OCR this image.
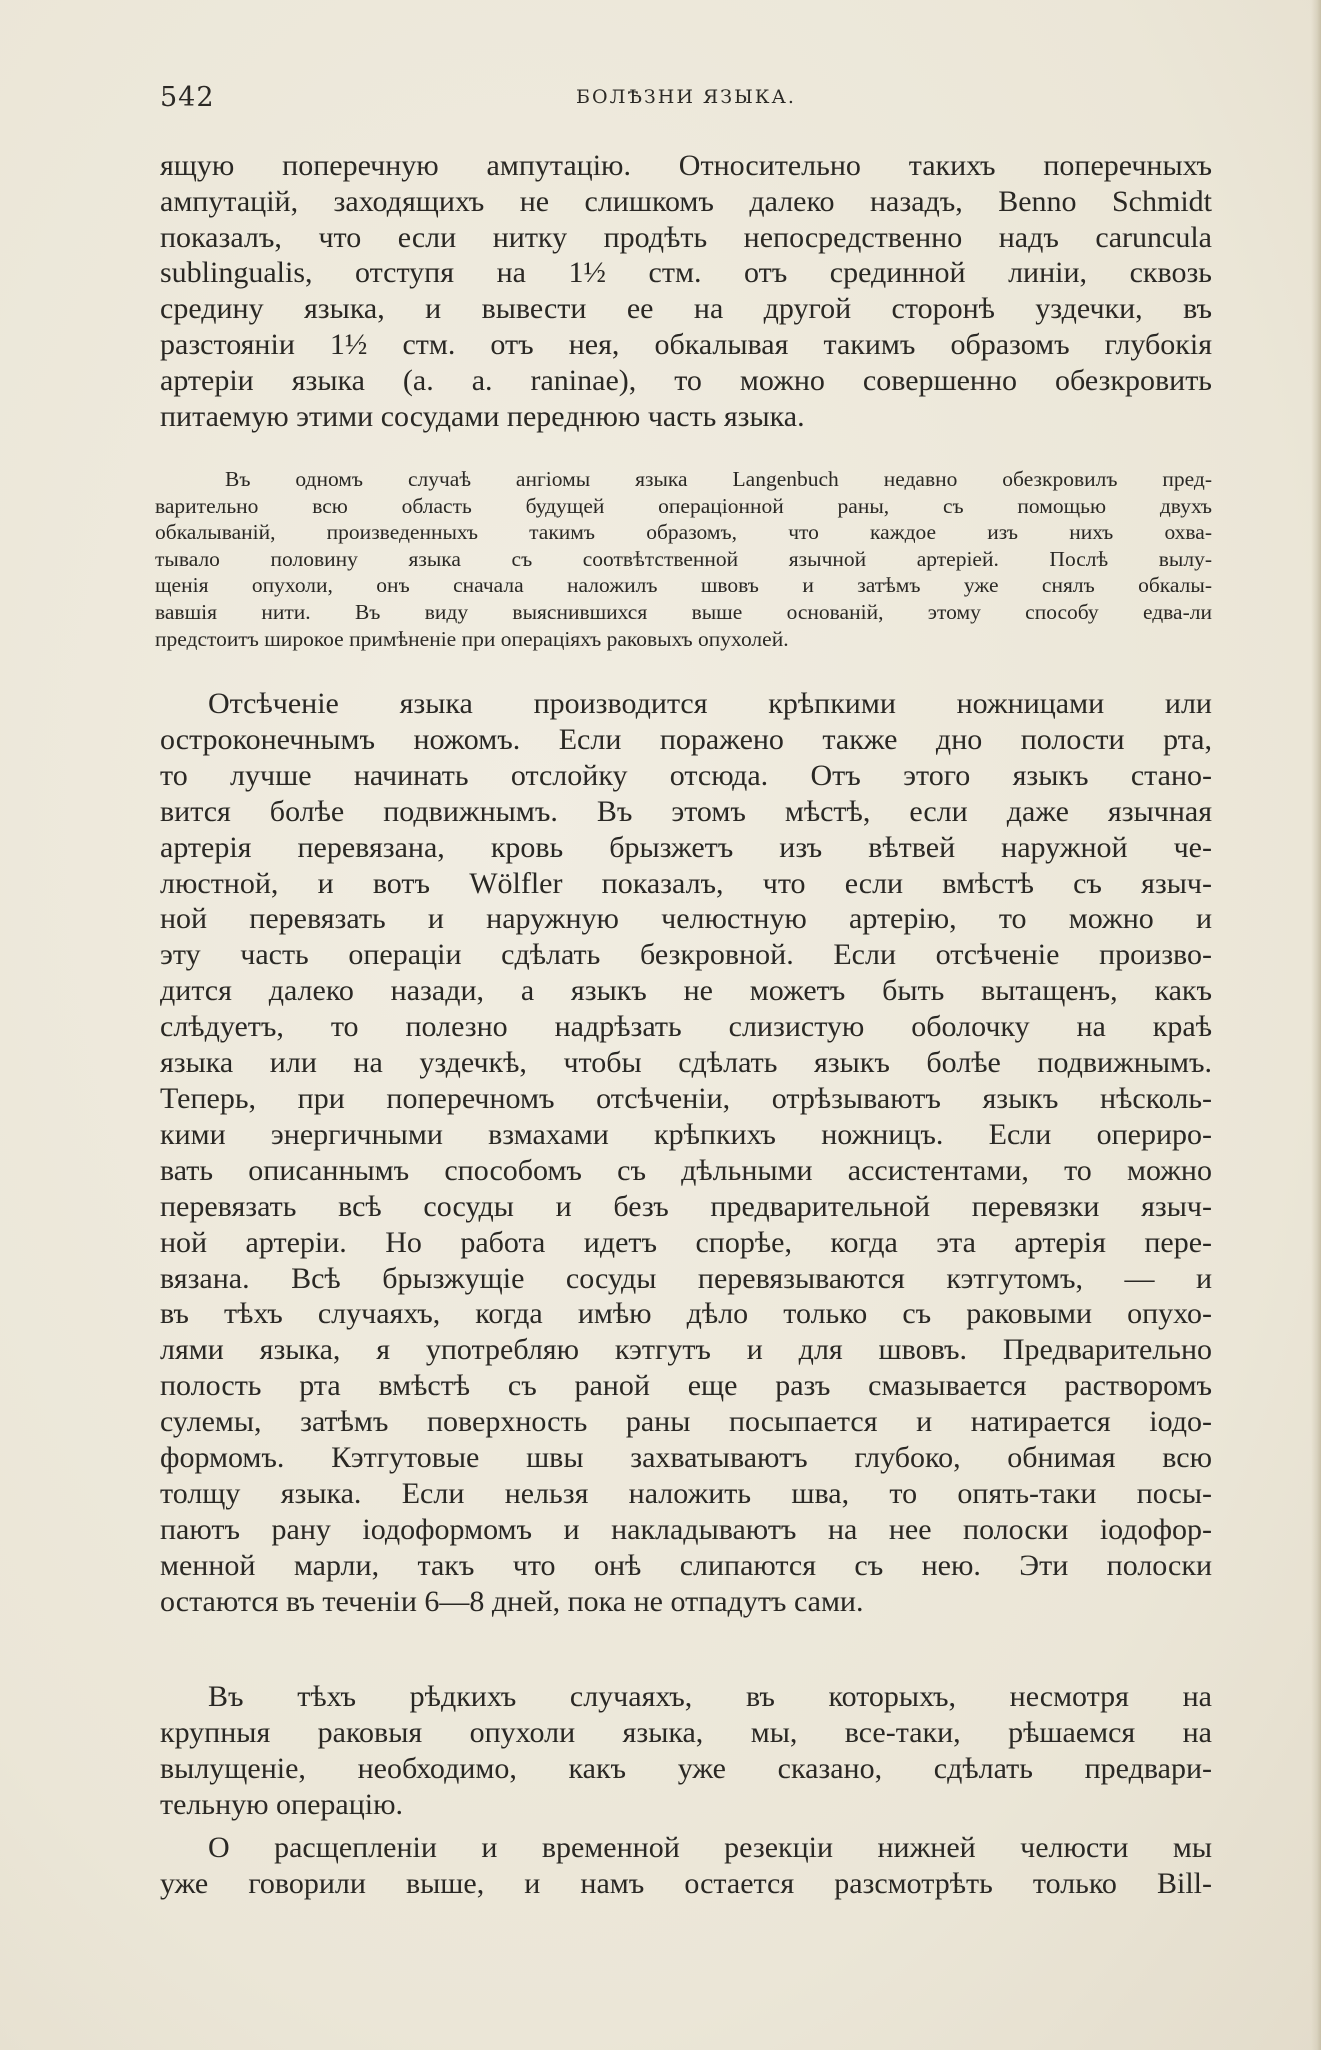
542	БОЛѢЗНИ ЯЗЫКА.
ящую поперечную ампутацію. Относительно такихъ поперечныхъ
ампутацій, заходящихъ не слишкомъ далеко назадъ, Benno Schmidt
показалъ, что если нитку продѣть непосредственно надъ caruncula
sublingualis, отступя на 1½ стм. отъ срединной линіи, сквозь
средину языка, и вывести ее на другой сторонѣ уздечки, въ
разстояніи 1½ стм. отъ нея, обкалывая такимъ образомъ глубокія
артеріи языка (а. а. raninae), то можно совершенно обезкровить
питаемую этими сосудами переднюю часть языка.
Въ одномъ случаѣ ангіомы языка Langenbuch недавно обезкровилъ пред-
варительно всю область будущей операціонной раны, съ помощью двухъ
обкалываній, произведенныхъ такимъ образомъ, что каждое изъ нихъ охва-
тывало половину языка съ соотвѣтственной язычной артеріей. Послѣ вылу-
щенія опухоли, онъ сначала наложилъ швовъ и затѣмъ уже снялъ обкалы-
вавшія нити. Въ виду выяснившихся выше основаній, этому способу едва-ли
предстоитъ широкое примѣненіе при операціяхъ раковыхъ опухолей.
Отсѣченіе языка производится крѣпкими ножницами или
остроконечнымъ ножомъ. Если поражено также дно полости рта,
то лучше начинать отслойку отсюда. Отъ этого языкъ стано-
вится болѣе подвижнымъ. Въ этомъ мѣстѣ, если даже язычная
артерія перевязана, кровь брызжетъ изъ вѣтвей наружной че-
люстной, и вотъ Wölfler показалъ, что если вмѣстѣ съ языч-
ной перевязать и наружную челюстную артерію, то можно и
эту часть операціи сдѣлать безкровной. Если отсѣченіе произво-
дится далеко назади, а языкъ не можетъ быть вытащенъ, какъ
слѣдуетъ, то полезно надрѣзать слизистую оболочку на краѣ
языка или на уздечкѣ, чтобы сдѣлать языкъ болѣе подвижнымъ.
Теперь, при поперечномъ отсѣченіи, отрѣзываютъ языкъ нѣсколь-
кими энергичными взмахами крѣпкихъ ножницъ. Если опериро-
вать описаннымъ способомъ съ дѣльными ассистентами, то можно
перевязать всѣ сосуды и безъ предварительной перевязки языч-
ной артеріи. Но работа идетъ спорѣе, когда эта артерія пере-
вязана. Всѣ брызжущіе сосуды перевязываются кэтгутомъ, — и
въ тѣхъ случаяхъ, когда имѣю дѣло только съ раковыми опухо-
лями языка, я употребляю кэтгутъ и для швовъ. Предварительно
полость рта вмѣстѣ съ раной еще разъ смазывается растворомъ
сулемы, затѣмъ поверхность раны посыпается и натирается іодо-
формомъ. Кэтгутовые швы захватываютъ глубоко, обнимая всю
толщу языка. Если нельзя наложить шва, то опять-таки посы-
паютъ рану іодоформомъ и накладываютъ на нее полоски іодофор-
менной марли, такъ что онѣ слипаются съ нею. Эти полоски
остаются въ теченіи 6—8 дней, пока не отпадутъ сами.
Въ тѣхъ рѣдкихъ случаяхъ, въ которыхъ, несмотря на
крупныя раковыя опухоли языка, мы, все-таки, рѣшаемся на
вылущеніе, необходимо, какъ уже сказано, сдѣлать предвари-
тельную операцію.
О расщепленіи и временной резекціи нижней челюсти мы
уже говорили выше, и намъ остается разсмотрѣть только Bill-
